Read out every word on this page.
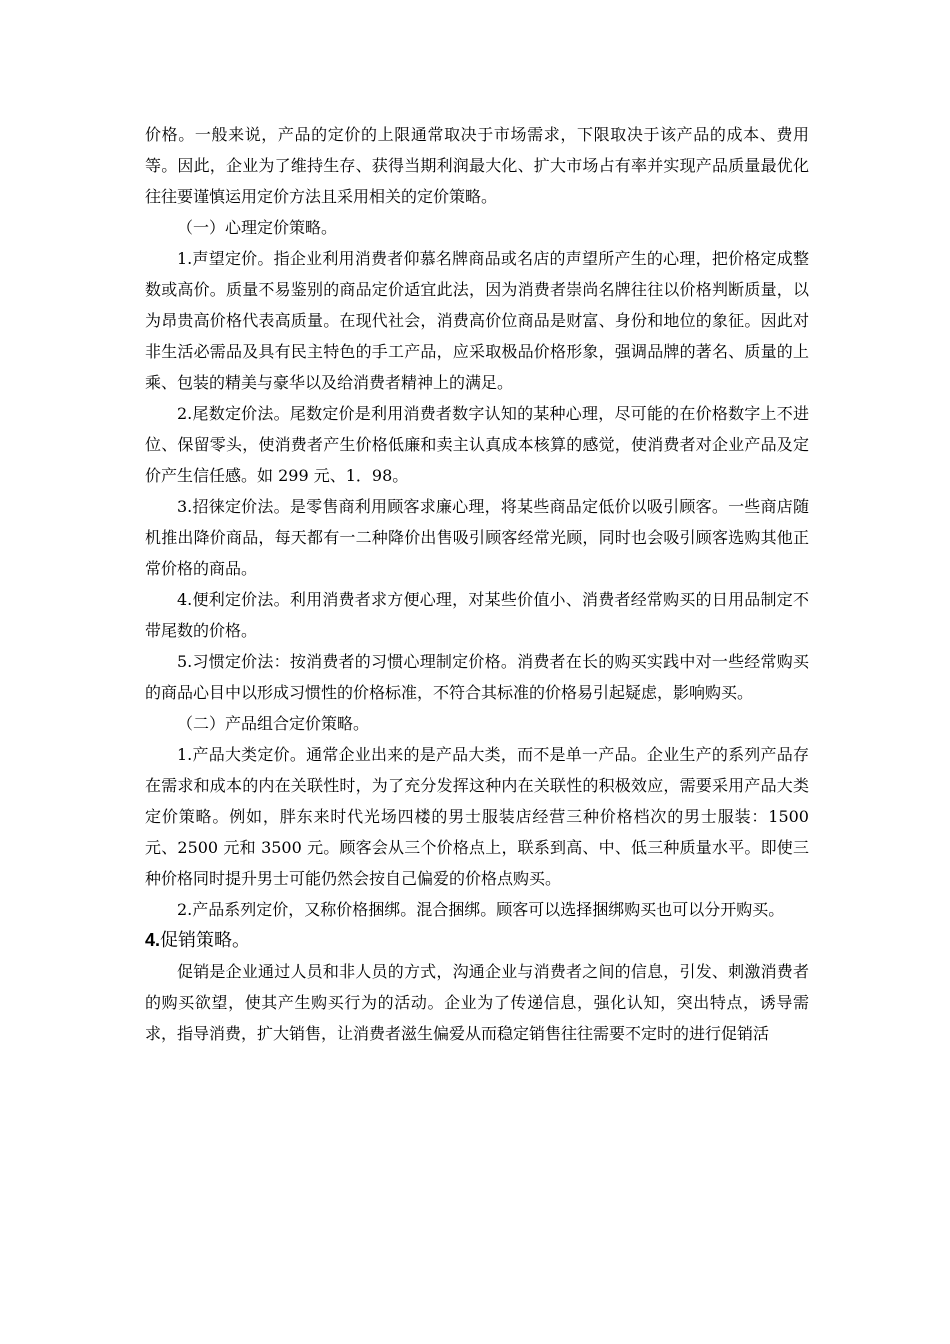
价格。一般来说，产品的定价的上限通常取决于市场需求，下限取决于该产品的成本、费用等。因此，企业为了维持生存、获得当期利润最大化、扩大市场占有率并实现产品质量最优化往往要谨慎运用定价方法且采用相关的定价策略。

（一）心理定价策略。

1.声望定价。指企业利用消费者仰慕名牌商品或名店的声望所产生的心理，把价格定成整数或高价。质量不易鉴别的商品定价适宜此法，因为消费者崇尚名牌往往以价格判断质量，以为昂贵高价格代表高质量。在现代社会，消费高价位商品是财富、身份和地位的象征。因此对非生活必需品及具有民主特色的手工产品，应采取极品价格形象，强调品牌的著名、质量的上乘、包装的精美与豪华以及给消费者精神上的满足。

2.尾数定价法。尾数定价是利用消费者数字认知的某种心理，尽可能的在价格数字上不进位、保留零头，使消费者产生价格低廉和卖主认真成本核算的感觉，使消费者对企业产品及定价产生信任感。如 299 元、1．98。

3.招徕定价法。是零售商利用顾客求廉心理，将某些商品定低价以吸引顾客。一些商店随机推出降价商品，每天都有一二种降价出售吸引顾客经常光顾，同时也会吸引顾客选购其他正常价格的商品。

4.便利定价法。利用消费者求方便心理，对某些价值小、消费者经常购买的日用品制定不带尾数的价格。

5.习惯定价法：按消费者的习惯心理制定价格。消费者在长的购买实践中对一些经常购买的商品心目中以形成习惯性的价格标准，不符合其标准的价格易引起疑虑，影响购买。

（二）产品组合定价策略。

1.产品大类定价。通常企业出来的是产品大类，而不是单一产品。企业生产的系列产品存在需求和成本的内在关联性时，为了充分发挥这种内在关联性的积极效应，需要采用产品大类定价策略。例如，胖东来时代光场四楼的男士服装店经营三种价格档次的男士服装：1500 元、2500 元和 3500 元。顾客会从三个价格点上，联系到高、中、低三种质量水平。即使三种价格同时提升男士可能仍然会按自己偏爱的价格点购买。

2.产品系列定价，又称价格捆绑。混合捆绑。顾客可以选择捆绑购买也可以分开购买。

4.促销策略。

促销是企业通过人员和非人员的方式，沟通企业与消费者之间的信息，引发、刺激消费者的购买欲望，使其产生购买行为的活动。企业为了传递信息，强化认知，突出特点，诱导需求，指导消费，扩大销售，让消费者滋生偏爱从而稳定销售往往需要不定时的进行促销活
